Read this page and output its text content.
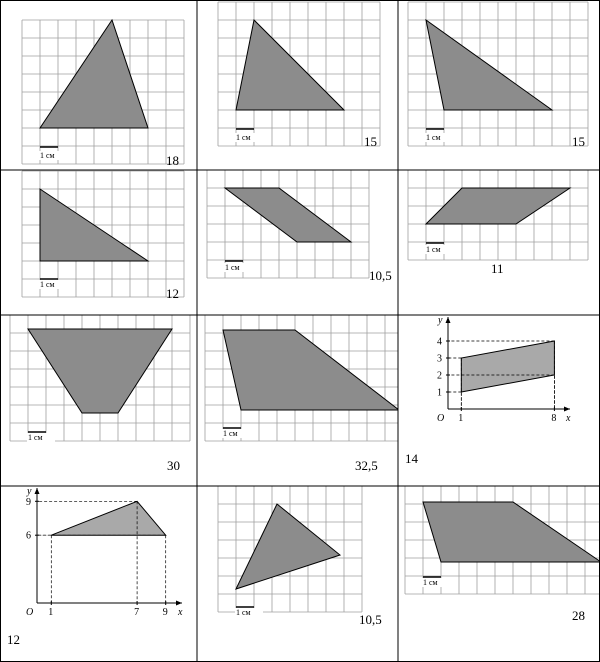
1 см	18
1 см	15	1 см	15
1 см
12
1 см
10,5
1 см
11
1 см
30
1 см
32,5
x
y
O 1	8
1
2
3
4
14
x
y
O 1	7 9
6
9
12
1 см	10,5
1 см
28
